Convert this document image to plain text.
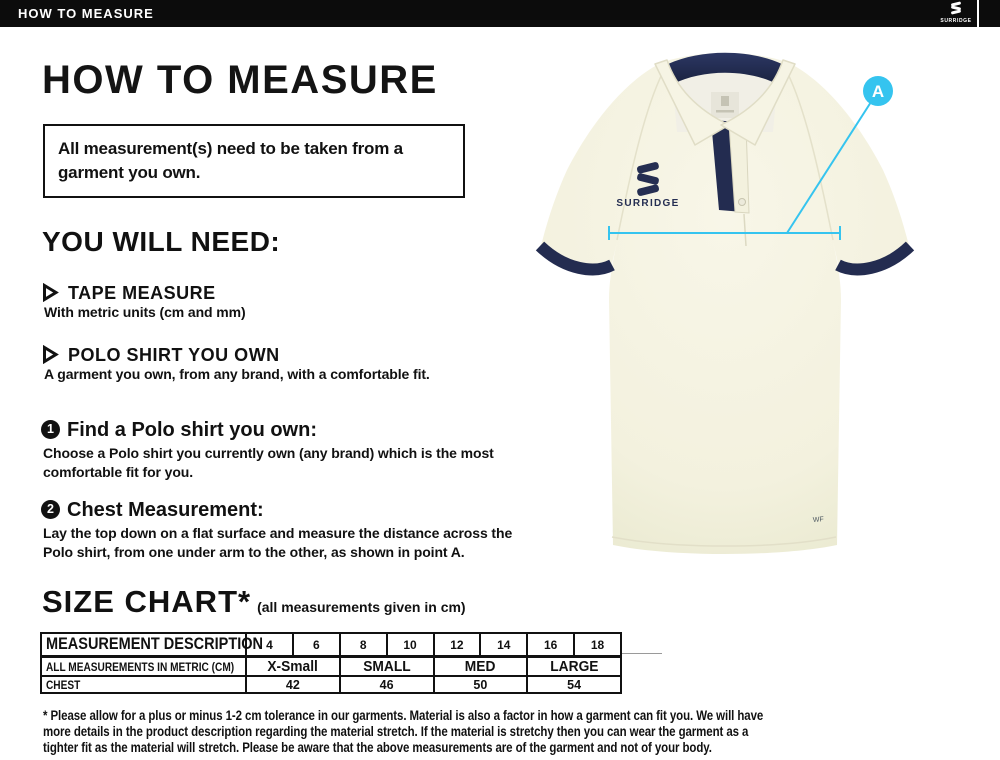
HOW TO MEASURE	SURRIDGE
HOW TO MEASURE
All measurement(s) need to be taken from a garment you own.
YOU WILL NEED:
TAPE MEASURE
With metric units (cm and mm)
POLO SHIRT YOU OWN
A garment you own, from any brand, with a comfortable fit.
1 Find a Polo shirt you own:
Choose a Polo shirt you currently own (any brand) which is the most comfortable fit for you.
2 Chest Measurement:
Lay the top down on a flat surface and measure the distance across the Polo shirt, from one under arm to the other, as shown in point A.
SIZE CHART* (all measurements given in cm)
MEASUREMENT DESCRIPTION	4	6	8	10	12	14	16	18
ALL MEASUREMENTS IN METRIC (CM)	X-Small		SMALL		MED		LARGE	
CHEST	42		46		50		54	
* Please allow for a plus or minus 1-2 cm tolerance in our garments. Material is also a factor in how a garment can fit you. We will have more details in the product description regarding the material stretch. If the material is stretchy then you can wear the garment as a tighter fit as the material will stretch. Please be aware that the above measurements are of the garment and not of your body.
SURRIDGE
WF
A
